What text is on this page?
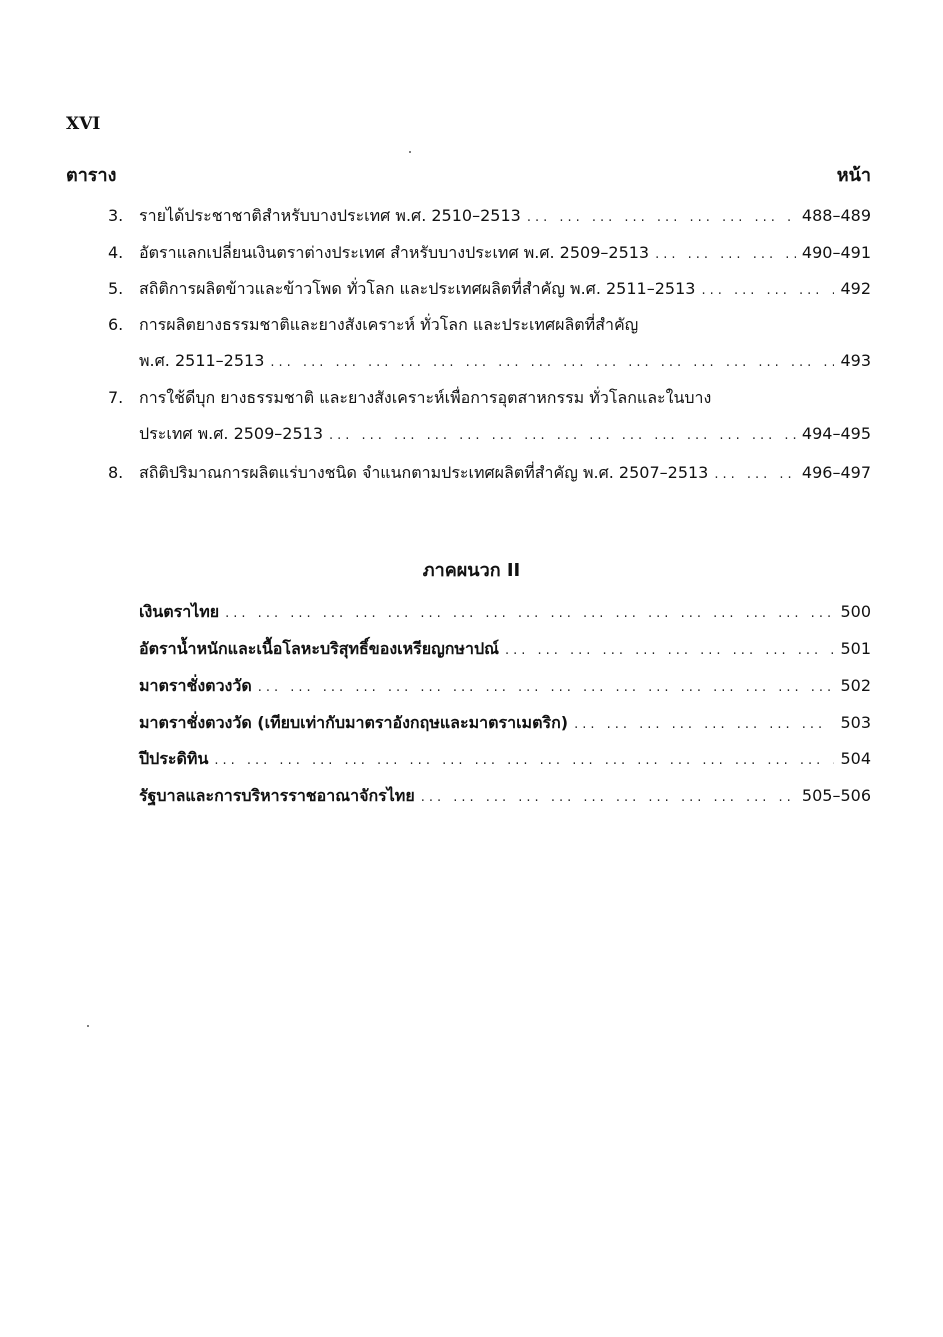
XVI
ตาราง	หน้า
3. รายได้ประชาชาติสำหรับบางประเทศ พ.ศ. 2510–2513 ... .	488–489
4. อัตราแลกเปลี่ยนเงินตราต่างประเทศ สำหรับบางประเทศ พ.ศ. 2509–2513 ... .	490–491
5. สถิติการผลิตข้าวและข้าวโพด ทั่วโลก และประเทศผลิตที่สำคัญ พ.ศ. 2511–2513 ... .	492
6. การผลิตยางธรรมชาติและยางสังเคราะห์ ทั่วโลก และประเทศผลิตที่สำคัญ
พ.ศ. 2511–2513 ... .	493
7. การใช้ดีบุก ยางธรรมชาติ และยางสังเคราะห์เพื่อการอุตสาหกรรม ทั่วโลกและในบาง
ประเทศ พ.ศ. 2509–2513 ... .	494–495
8. สถิติปริมาณการผลิตแร่บางชนิด จำแนกตามประเทศผลิตที่สำคัญ พ.ศ. 2507–2513 ... .	496–497
ภาคผนวก II
เงินตราไทย ... .	500
อัตราน้ำหนักและเนื้อโลหะบริสุทธิ์ของเหรียญกษาปณ์ ... .	501
มาตราชั่งตวงวัด ... .	502
มาตราชั่งตวงวัด (เทียบเท่ากับมาตราอังกฤษและมาตราเมตริก) ... .	503
ปีประดิทิน ... .	504
รัฐบาลและการบริหารราชอาณาจักรไทย ... .	505–506
